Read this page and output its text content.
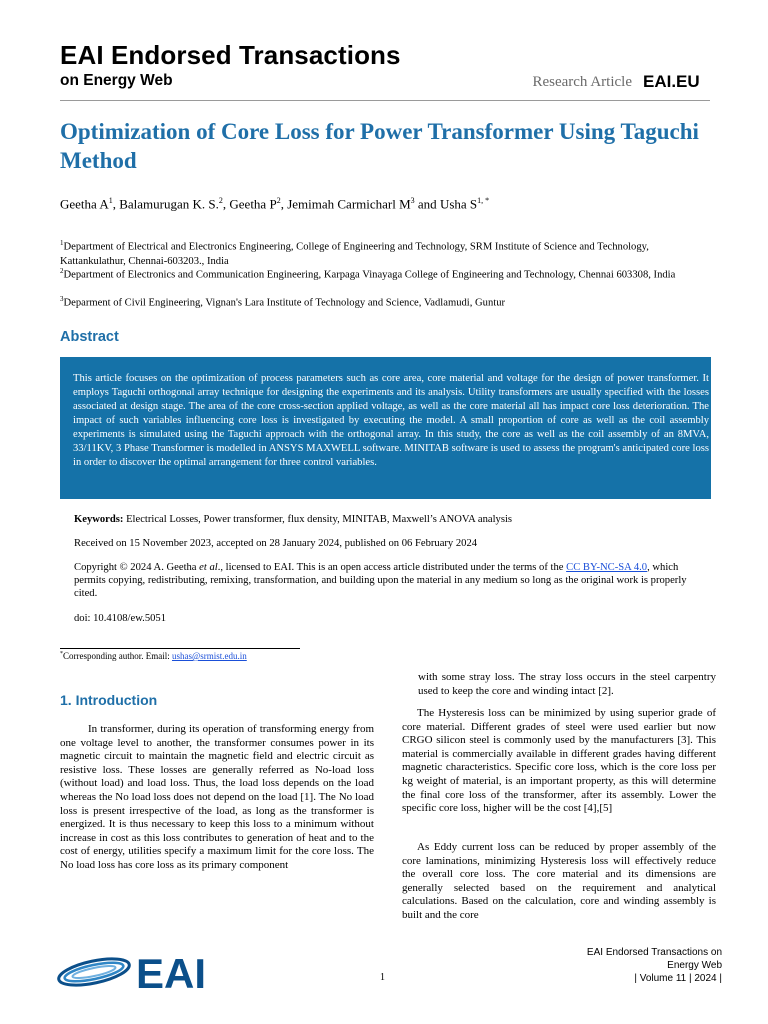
EAI Endorsed Transactions
on Energy Web	Research Article EAI.EU
Optimization of Core Loss for Power Transformer Using Taguchi Method
Geetha $A^1$, Balamurugan K. S.$^2$, Geetha $P^2$, Jemimah Carmicharl $M^3$ and Usha $S^{1, *}$
$^1$Department of Electrical and Electronics Engineering, College of Engineering and Technology, SRM Institute of Science and Technology, Kattankulathur, Chennai-603203., India
$^2$Department of Electronics and Communication Engineering, Karpaga Vinayaga College of Engineering and Technology, Chennai 603308, India
$^3$Deparment of Civil Engineering, Vignan's Lara Institute of Technology and Science, Vadlamudi, Guntur
Abstract
This article focuses on the optimization of process parameters such as core area, core material and voltage for the design of power transformer. It employs Taguchi orthogonal array technique for designing the experiments and its analysis. Utility transformers are usually specified with the losses associated at design stage. The area of the core cross-section applied voltage, as well as the core material all has impact core loss deterioration. The impact of such variables influencing core loss is investigated by executing the model. A small proportion of core as well as the coil assembly experiments is simulated using the Taguchi approach with the orthogonal array. In this study, the core as well as the coil assembly of an 8MVA, 33/11KV, 3 Phase Transformer is modelled in ANSYS MAXWELL software. MINITAB software is used to assess the program's anticipated core loss in order to discover the optimal arrangement for three control variables.
Keywords: Electrical Losses, Power transformer, flux density, MINITAB, Maxwell’s ANOVA analysis
Received on 15 November 2023, accepted on 28 January 2024, published on 06 February 2024
Copyright © 2024 A. Geetha et al., licensed to EAI. This is an open access article distributed under the terms of the CC BY-NC-SA 4.0, which permits copying, redistributing, remixing, transformation, and building upon the material in any medium so long as the original work is properly cited.
doi: 10.4108/ew.5051
*Corresponding author. Email: ushas@srmist.edu.in
1. Introduction
In transformer, during its operation of transforming energy from one voltage level to another, the transformer consumes power in its magnetic circuit to maintain the magnetic field and electric circuit as resistive loss. These losses are generally referred as No-load loss (without load) and load loss. Thus, the load loss depends on the load whereas the No load loss does not depend on the load [1]. The No load loss is present irrespective of the load, as long as the transformer is energized. It is thus necessary to keep this loss to a minimum without increase in cost as this loss contributes to generation of heat and to the cost of energy, utilities specify a maximum limit for the core loss. The No load loss has core loss as its primary component
with some stray loss. The stray loss occurs in the steel carpentry used to keep the core and winding intact [2].
The Hysteresis loss can be minimized by using superior grade of core material. Different grades of steel were used earlier but now CRGO silicon steel is commonly used by the manufacturers [3]. This material is commercially available in different grades having different magnetic characteristics. Specific core loss, which is the core loss per kg weight of material, is an important property, as this will determine the final core loss of the transformer, after its assembly. Lower the specific core loss, higher will be the cost [4],[5]
As Eddy current loss can be reduced by proper assembly of the core laminations, minimizing Hysteresis loss will effectively reduce the overall core loss. The core material and its dimensions are generally selected based on the requirement and analytical calculations. Based on the calculation, core and winding assembly is built and the core
EAI	1
EAI Endorsed Transactions on
Energy Web
| Volume 11 | 2024 |
